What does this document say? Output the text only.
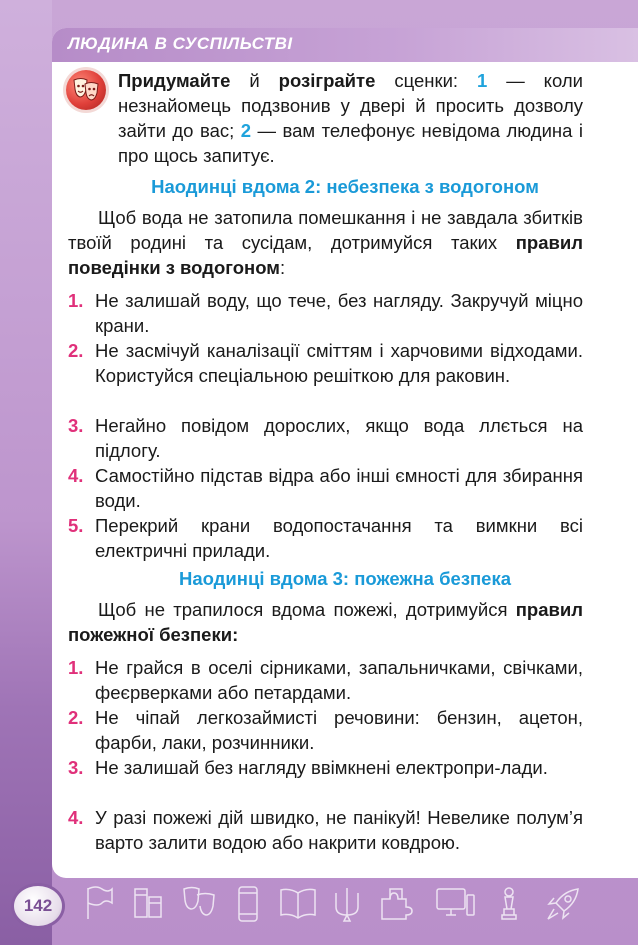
ЛЮДИНА В СУСПІЛЬСТВІ
Придумайте й розіграйте сценки: 1 — коли незнайомець подзвонив у двері й просить дозволу зайти до вас; 2 — вам телефонує невідома людина і про щось запитує.
Наодинці вдома 2: небезпека з водогоном
Щоб вода не затопила помешкання і не завдала збитків твоїй родині та сусідам, дотримуйся таких правил поведінки з водогоном:
1. Не залишай воду, що тече, без нагляду. Закручуй міцно крани.
2. Не засмічуй каналізації сміттям і харчовими відходами. Користуйся спеціальною решіткою для раковин.
3. Негайно повідом дорослих, якщо вода ллється на підлогу.
4. Самостійно підстав відра або інші ємності для збирання води.
5. Перекрий крани водопостачання та вимкни всі електричні прилади.
Наодинці вдома 3: пожежна безпека
Щоб не трапилося вдома пожежі, дотримуйся правил пожежної безпеки:
1. Не грайся в оселі сірниками, запальничками, свічками, феєрверками або петардами.
2. Не чіпай легкозаймисті речовини: бензин, ацетон, фарби, лаки, розчинники.
3. Не залишай без нагляду ввімкнені електропри-лади.
4. У разі пожежі дій швидко, не панікуй! Невелике полум’я варто залити водою або накрити ковдрою.
142
